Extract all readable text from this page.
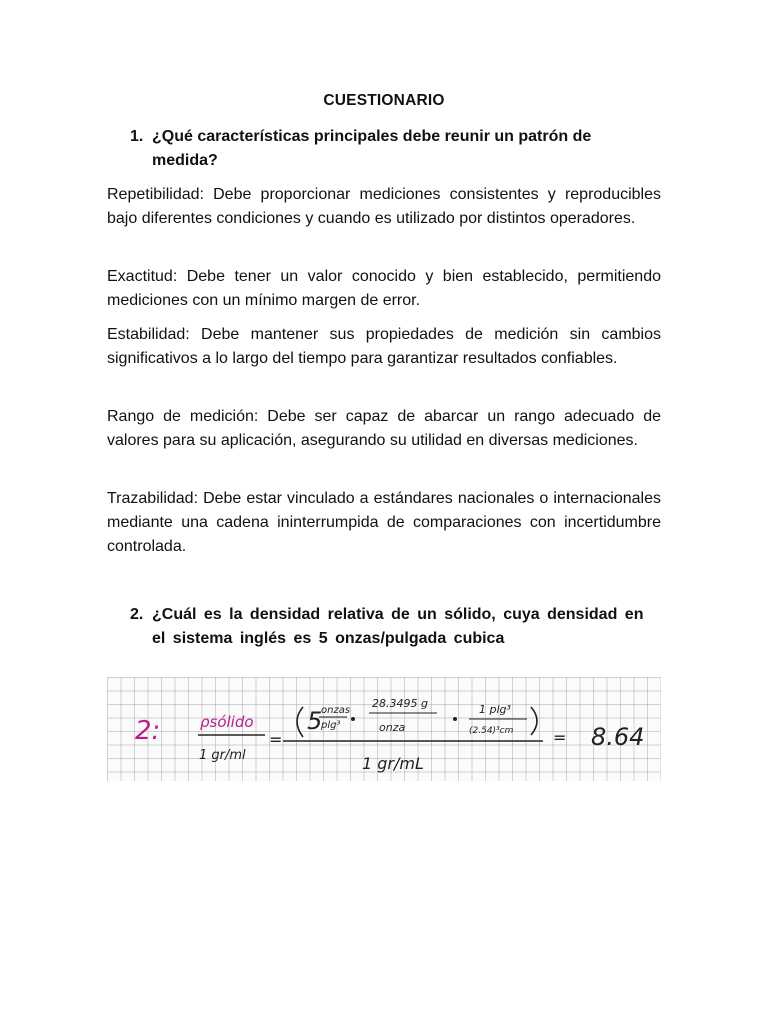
CUESTIONARIO
1. ¿Qué características principales debe reunir un patrón de medida?

Repetibilidad: Debe proporcionar mediciones consistentes y reproducibles bajo diferentes condiciones y cuando es utilizado por distintos operadores.

Exactitud: Debe tener un valor conocido y bien establecido, permitiendo mediciones con un mínimo margen de error.

Estabilidad: Debe mantener sus propiedades de medición sin cambios significativos a lo largo del tiempo para garantizar resultados confiables.

Rango de medición: Debe ser capaz de abarcar un rango adecuado de valores para su aplicación, asegurando su utilidad en diversas mediciones.

Trazabilidad: Debe estar vinculado a estándares nacionales o internacionales mediante una cadena ininterrumpida de comparaciones con incertidumbre controlada.

2. ¿Cuál es la densidad relativa de un sólido, cuya densidad en el sistema inglés es 5 onzas/pulgada cubica
2:	ρsólido
1 gr/ml
=
5
onzas
plg³
28.3495 g
onza
1 plg³
(2.54)³cm
1 gr/mL
= 8.64
